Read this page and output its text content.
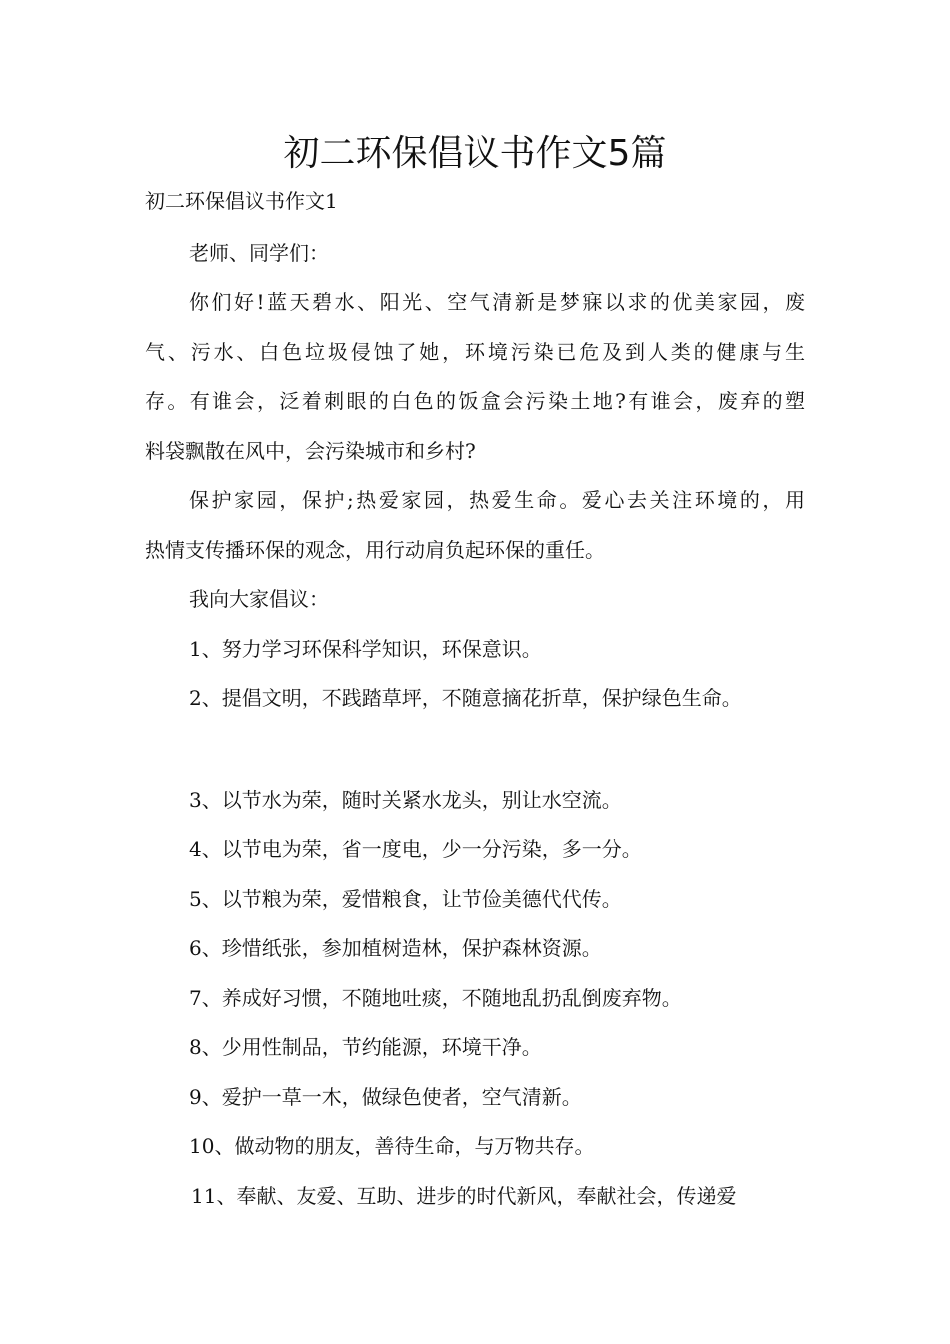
初二环保倡议书作文5篇

初二环保倡议书作文1

老师、同学们：

你们好!蓝天碧水、阳光、空气清新是梦寐以求的优美家园，废

气、污水、白色垃圾侵蚀了她，环境污染已危及到人类的健康与生

存。有谁会，泛着刺眼的白色的饭盒会污染土地?有谁会，废弃的塑

料袋飘散在风中，会污染城市和乡村?

保护家园，保护;热爱家园，热爱生命。爱心去关注环境的，用

热情支传播环保的观念，用行动肩负起环保的重任。

我向大家倡议：

1、努力学习环保科学知识，环保意识。

2、提倡文明，不践踏草坪，不随意摘花折草，保护绿色生命。

3、以节水为荣，随时关紧水龙头，别让水空流。

4、以节电为荣，省一度电，少一分污染，多一分。

5、以节粮为荣，爱惜粮食，让节俭美德代代传。

6、珍惜纸张，参加植树造林，保护森林资源。

7、养成好习惯，不随地吐痰，不随地乱扔乱倒废弃物。

8、少用性制品，节约能源，环境干净。

9、爱护一草一木，做绿色使者，空气清新。

10、做动物的朋友，善待生命，与万物共存。

11、奉献、友爱、互助、进步的时代新风，奉献社会，传递爱
